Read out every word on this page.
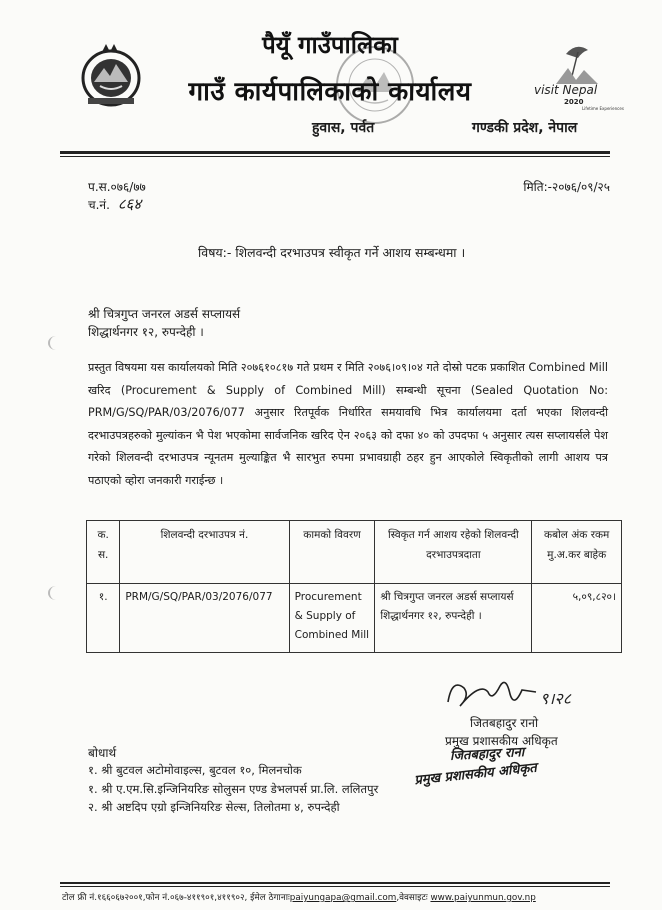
visit Nepal
2020
Lifetime Experiences
पैयूँ गाउँपालिका
गाउँ कार्यपालिकाको कार्यालय
हुवास, पर्वत	गण्डकी प्रदेश, नेपाल
प.स.०७६/७७
च.नं. ८६४
मिति:-२०७६/०९/२५
विषय:- शिलवन्दी दरभाउपत्र स्वीकृत गर्ने आशय सम्बन्धमा ।
श्री चित्रगुप्त जनरल अडर्स सप्लायर्स
शिद्धार्थनगर १२, रुपन्देही ।
प्रस्तुत विषयमा यस कार्यालयको मिति २०७६१०८१७ गते प्रथम र मिति २०७६।०९।०४ गते दोस्रो पटक प्रकाशित Combined Mill खरिद (Procurement & Supply of Combined Mill) सम्बन्धी सूचना (Sealed Quotation No: PRM/G/SQ/PAR/03/2076/077 अनुसार रितपूर्वक निर्धारित समयावधि भित्र कार्यालयमा दर्ता भएका शिलवन्दी दरभाउपत्रहरुको मुल्यांकन भै पेश भएकोमा सार्वजनिक खरिद ऐन २०६३ को दफा ४० को उपदफा ५ अनुसार त्यस सप्लायर्सले पेश गरेको शिलवन्दी दरभाउपत्र न्यूनतम मुल्याङ्कित भै सारभुत रुपमा प्रभावग्राही ठहर हुन आएकोले स्विकृतीको लागी आशय पत्र पठाएको व्होरा जनकारी गराईन्छ ।
क. स.	शिलवन्दी दरभाउपत्र नं.	कामको विवरण	स्विकृत गर्न आशय रहेको शिलवन्दी दरभाउपत्रदाता	कबोल अंक रकम मु.अ.कर बाहेक
१.	PRM/G/SQ/PAR/03/2076/077	Procurement & Supply of Combined Mill	श्री चित्रगुप्त जनरल अडर्स सप्लायर्स
शिद्धार्थनगर १२, रुपन्देही ।	५,०९,८२०।
९।२८
जितबहादुर रानाे
प्रमुख प्रशासकीय अधिकृत
जितबहादुर राना
प्रमुख प्रशासकीय अधिकृत
बोधार्थ
१. श्री बुटवल अटोमोवाइल्स, बुटवल १०, मिलनचोक
१. श्री ए.एम.सि.इन्जिनियरिङ सोलुसन एण्ड डेभलपर्स प्रा.लि. ललितपुर
२. श्री अष्टदिप एग्रो इन्जिनियरिङ सेल्स, तिलोतमा ४, रुपन्देही
टोल फ्री नं.१६६०६७२००१,फोन नं.०६७-४११९०१,४११९०२, ईमेल ठेगानाःpaiyungapa@gmail.com,वेवसाइटः www.paiyunmun.gov.np
